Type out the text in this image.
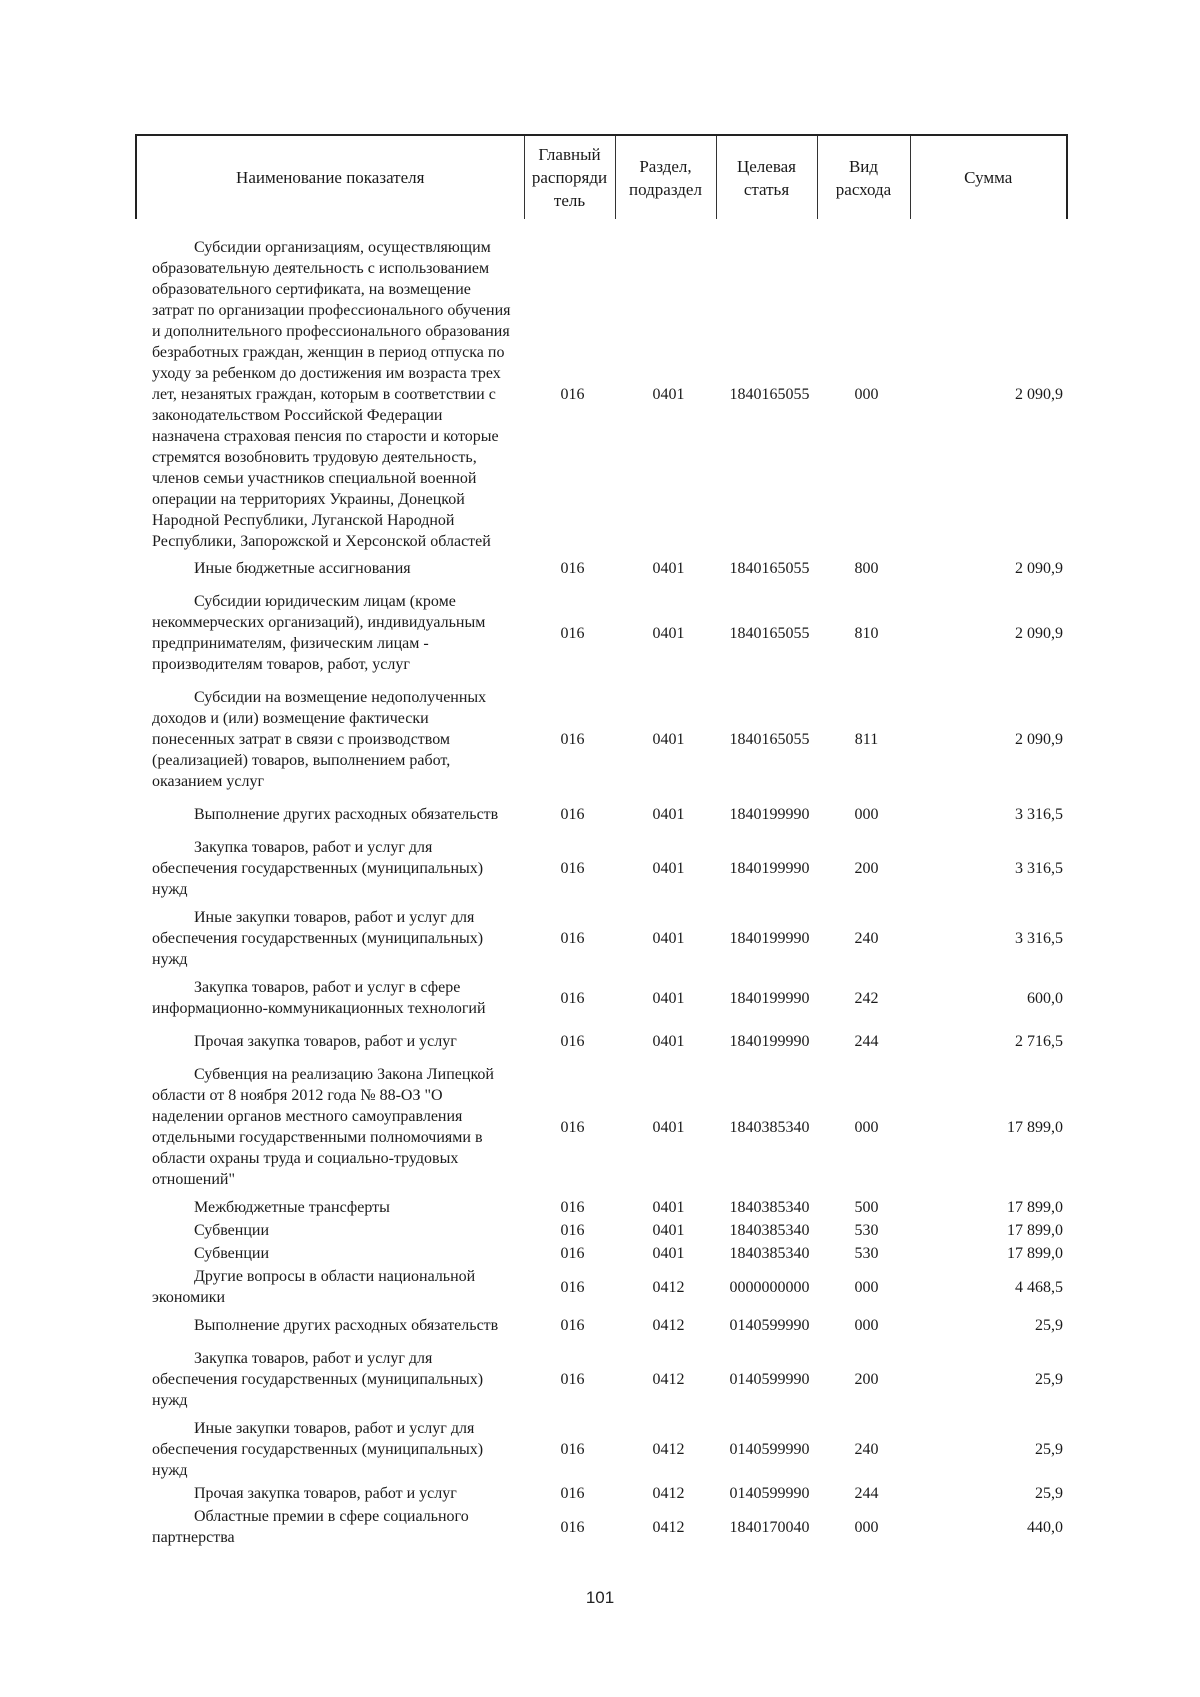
Наименование показателя	Главный распоряди тель	Раздел, подраздел	Целевая статья	Вид расхода	Сумма
Субсидии организациям, осуществляющим образовательную деятельность с использованием образовательного сертификата, на возмещение затрат по организации профессионального обучения и дополнительного профессионального образования безработных граждан, женщин в период отпуска по уходу за ребенком до достижения им возраста трех лет, незанятых граждан, которым в соответствии с законодательством Российской Федерации назначена страховая пенсия по старости и которые стремятся возобновить трудовую деятельность, членов семьи участников специальной военной операции на территориях Украины, Донецкой Народной Республики, Луганской Народной Республики, Запорожской и Херсонской областей	016	0401	1840165055	000	2 090,9
Иные бюджетные ассигнования	016	0401	1840165055	800	2 090,9
Субсидии юридическим лицам (кроме некоммерческих организаций), индивидуальным предпринимателям, физическим лицам - производителям товаров, работ, услуг	016	0401	1840165055	810	2 090,9
Субсидии на возмещение недополученных доходов и (или) возмещение фактически понесенных затрат в связи с производством (реализацией) товаров, выполнением работ, оказанием услуг	016	0401	1840165055	811	2 090,9
Выполнение других расходных обязательств	016	0401	1840199990	000	3 316,5
Закупка товаров, работ и услуг для обеспечения государственных (муниципальных) нужд	016	0401	1840199990	200	3 316,5
Иные закупки товаров, работ и услуг для обеспечения государственных (муниципальных) нужд	016	0401	1840199990	240	3 316,5
Закупка товаров, работ и услуг в сфере информационно-коммуникационных технологий	016	0401	1840199990	242	600,0
Прочая закупка товаров, работ и услуг	016	0401	1840199990	244	2 716,5
Субвенция на реализацию Закона Липецкой области от 8 ноября 2012 года № 88-ОЗ "О наделении органов местного самоуправления отдельными государственными полномочиями в области охраны труда и социально-трудовых отношений"	016	0401	1840385340	000	17 899,0
Межбюджетные трансферты	016	0401	1840385340	500	17 899,0
Субвенции	016	0401	1840385340	530	17 899,0
Субвенции	016	0401	1840385340	530	17 899,0
Другие вопросы в области национальной экономики	016	0412	0000000000	000	4 468,5
Выполнение других расходных обязательств	016	0412	0140599990	000	25,9
Закупка товаров, работ и услуг для обеспечения государственных (муниципальных) нужд	016	0412	0140599990	200	25,9
Иные закупки товаров, работ и услуг для обеспечения государственных (муниципальных) нужд	016	0412	0140599990	240	25,9
Прочая закупка товаров, работ и услуг	016	0412	0140599990	244	25,9
Областные премии в сфере социального партнерства	016	0412	1840170040	000	440,0
101
